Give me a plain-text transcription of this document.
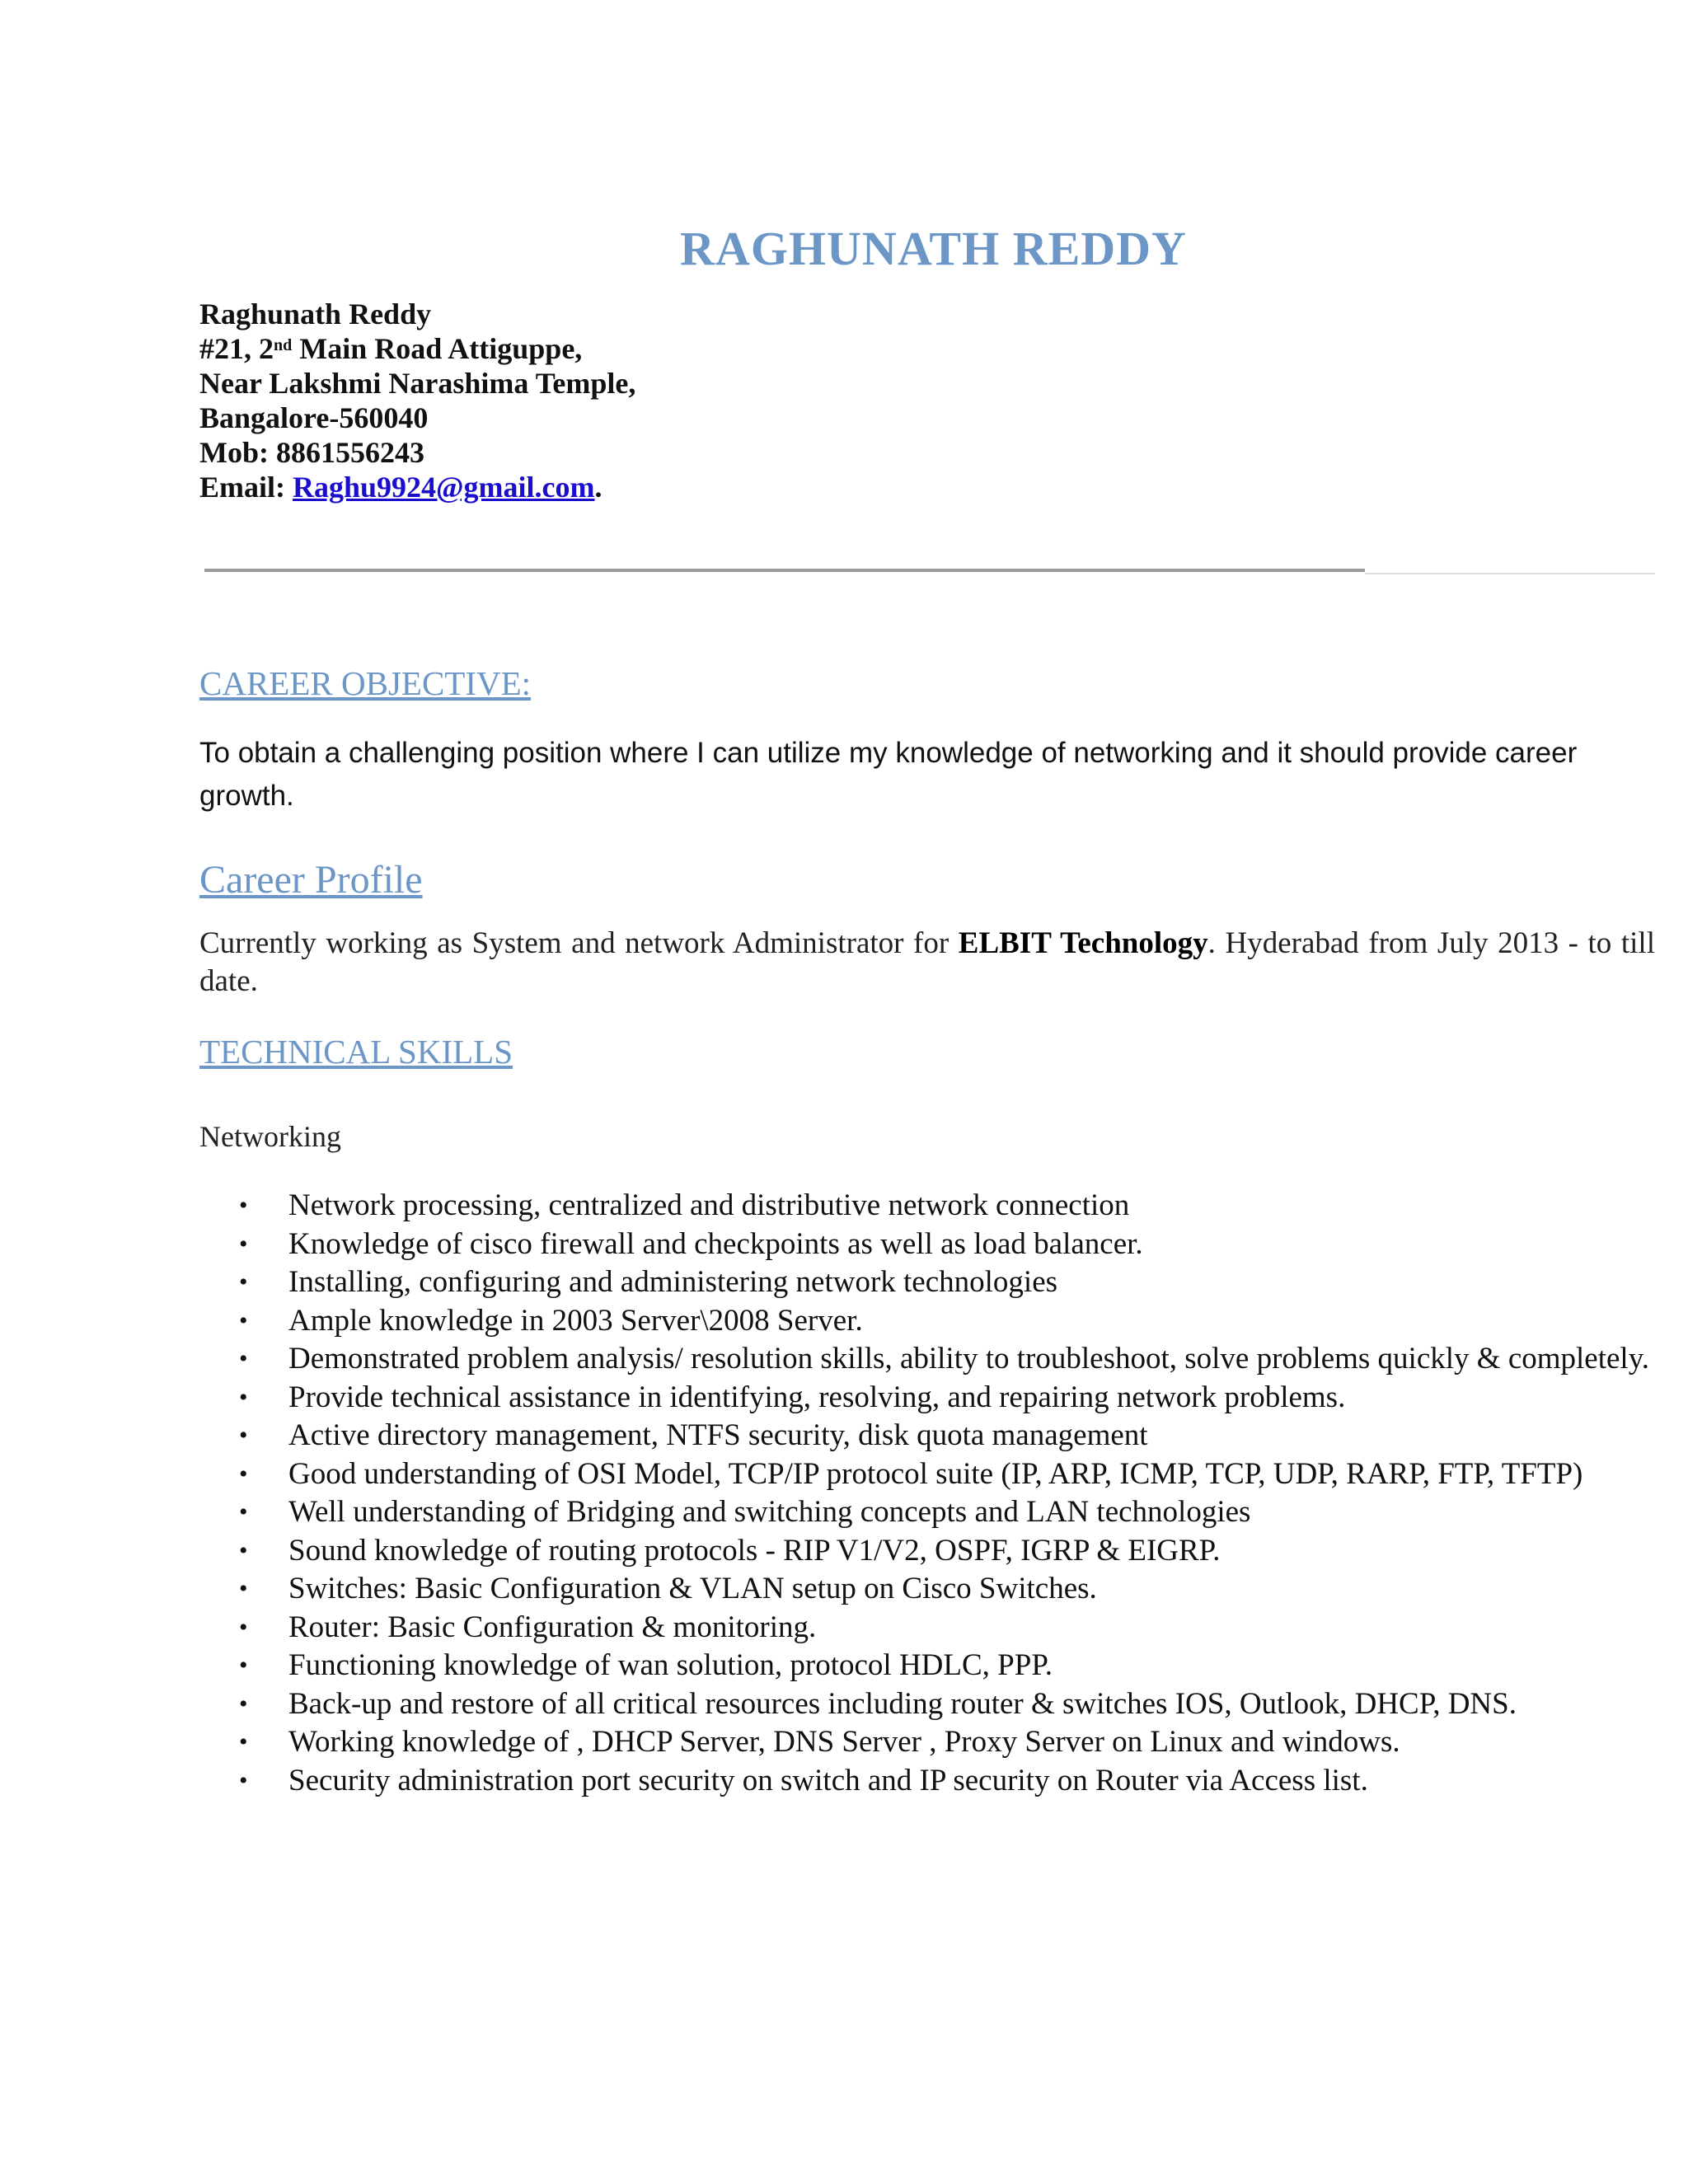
RAGHUNATH REDDY
Raghunath Reddy
#21, 2nd Main Road Attiguppe,
Near Lakshmi Narashima Temple,
Bangalore-560040
Mob: 8861556243
Email: Raghu9924@gmail.com.
CAREER OBJECTIVE:
To obtain a challenging position where I can utilize my knowledge of networking and it should provide career growth.
Career Profile
Currently working as System and network Administrator for ELBIT Technology. Hyderabad from July 2013 - to till date.
TECHNICAL SKILLS
Networking
• Network processing, centralized and distributive network connection
• Knowledge of cisco firewall and checkpoints as well as load balancer.
• Installing, configuring and administering network technologies
• Ample knowledge in 2003 Server\2008 Server.
• Demonstrated problem analysis/ resolution skills, ability to troubleshoot, solve problems quickly & completely.
• Provide technical assistance in identifying, resolving, and repairing network problems.
• Active directory management, NTFS security, disk quota management
• Good understanding of OSI Model, TCP/IP protocol suite (IP, ARP, ICMP, TCP, UDP, RARP, FTP, TFTP)
• Well understanding of Bridging and switching concepts and LAN technologies
• Sound knowledge of routing protocols - RIP V1/V2, OSPF, IGRP & EIGRP.
• Switches: Basic Configuration & VLAN setup on Cisco Switches.
• Router: Basic Configuration & monitoring.
• Functioning knowledge of wan solution, protocol HDLC, PPP.
• Back-up and restore of all critical resources including router & switches IOS, Outlook, DHCP, DNS.
• Working knowledge of , DHCP Server, DNS Server , Proxy Server on Linux and windows.
• Security administration port security on switch and IP security on Router via Access list.
